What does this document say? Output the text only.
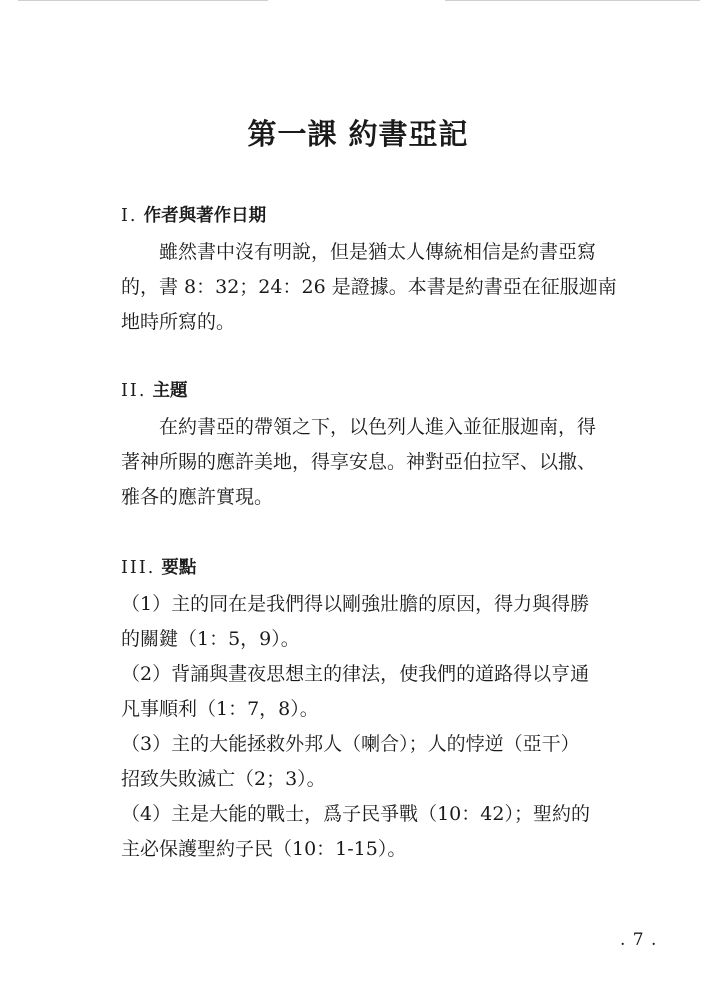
第一課 約書亞記
I. 作者與著作日期

雖然書中沒有明說，但是猶太人傳統相信是約書亞寫
的，書 8：32；24：26 是證據。本書是約書亞在征服迦南
地時所寫的。

II. 主題

在約書亞的帶領之下，以色列人進入並征服迦南，得
著神所賜的應許美地，得享安息。神對亞伯拉罕、以撒、
雅各的應許實現。

III. 要點

（1）主的同在是我們得以剛強壯膽的原因，得力與得勝
的關鍵（1：5，9）。

（2）背誦與晝夜思想主的律法，使我們的道路得以亨通
凡事順利（1：7，8）。

（3）主的大能拯救外邦人（喇合）；人的悖逆（亞干）
招致失敗滅亡（2；3）。

（4）主是大能的戰士，爲子民爭戰（10：42）；聖約的
主必保護聖約子民（10：1-15）。

. 7 .
